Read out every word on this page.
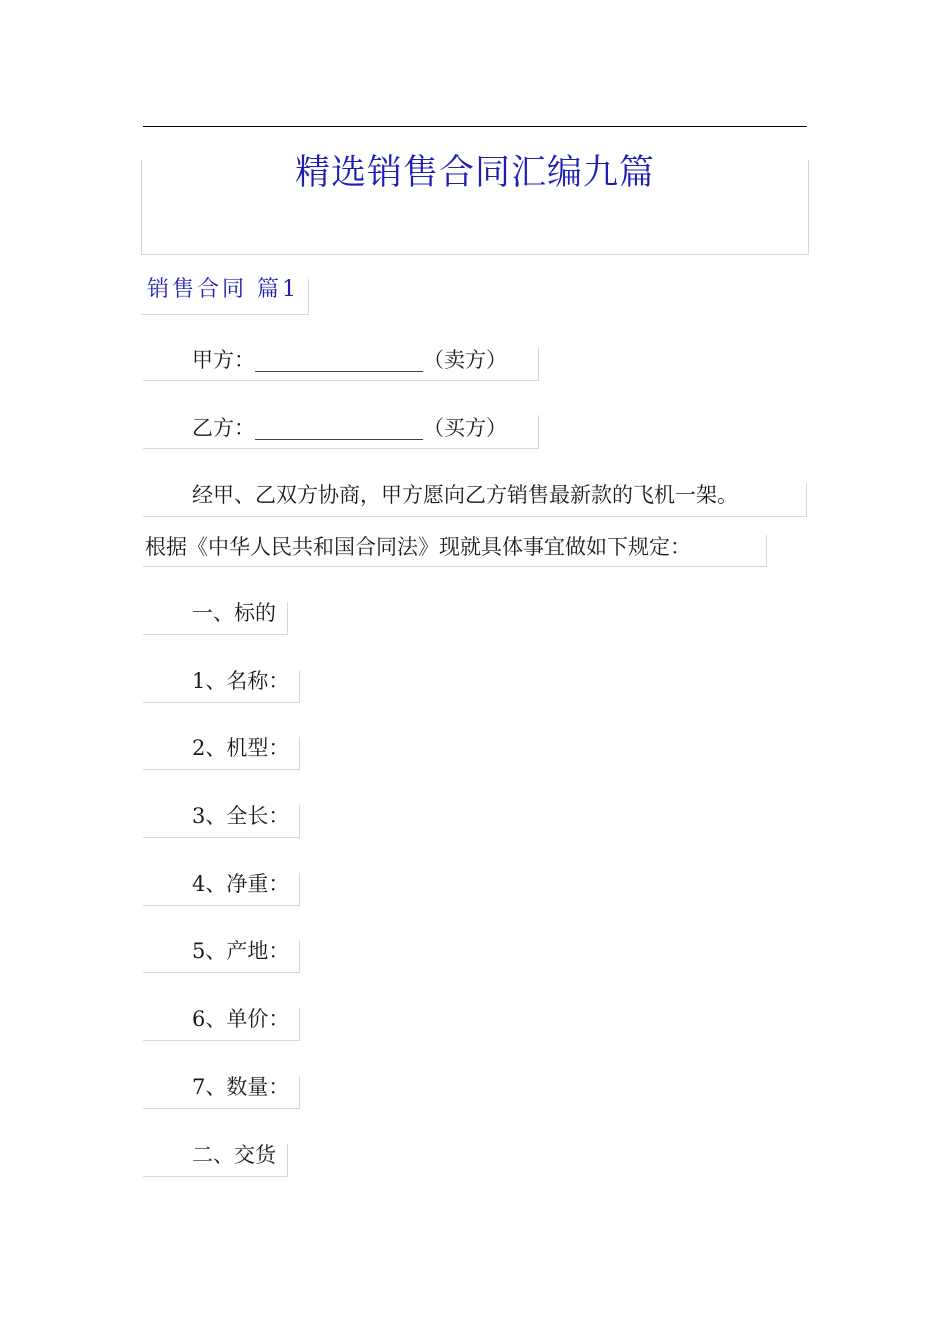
精选销售合同汇编九篇
销售合同 篇1
甲方：________________（卖方）
乙方：________________（买方）
经甲、乙双方协商，甲方愿向乙方销售最新款的飞机一架。
根据《中华人民共和国合同法》现就具体事宜做如下规定：
一、标的
1、名称：
2、机型：
3、全长：
4、净重：
5、产地：
6、单价：
7、数量：
二、交货
